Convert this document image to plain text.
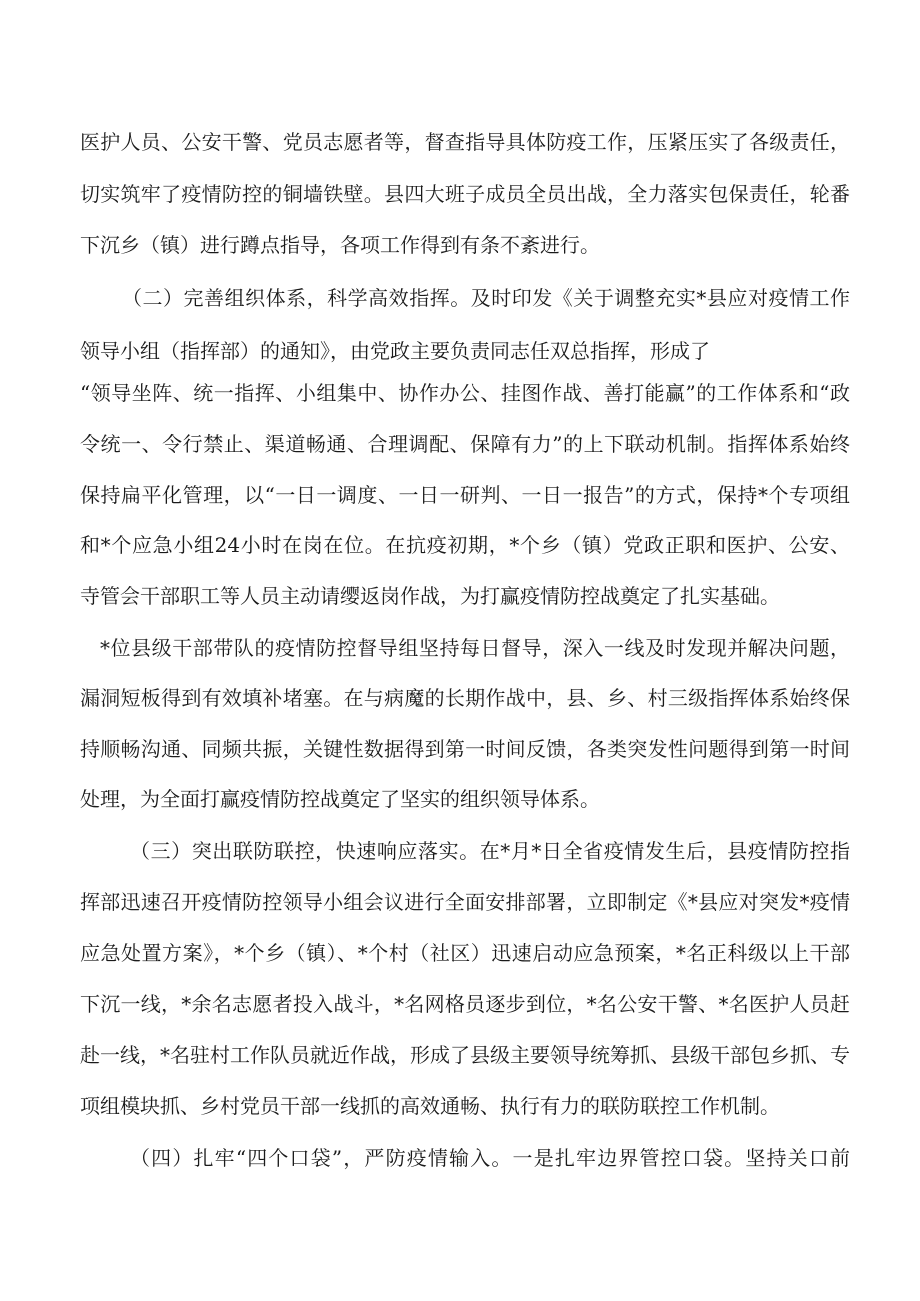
医护人员、公安干警、党员志愿者等，督查指导具体防疫工作，压紧压实了各级责任，
切实筑牢了疫情防控的铜墙铁壁。县四大班子成员全员出战，全力落实包保责任，轮番
下沉乡（镇）进行蹲点指导，各项工作得到有条不紊进行。
（二）完善组织体系，科学高效指挥。及时印发《关于调整充实*县应对疫情工作
领导小组（指挥部）的通知》，由党政主要负责同志任双总指挥，形成了
“领导坐阵、统一指挥、小组集中、协作办公、挂图作战、善打能赢”的工作体系和“政
令统一、令行禁止、渠道畅通、合理调配、保障有力”的上下联动机制。指挥体系始终
保持扁平化管理，以“一日一调度、一日一研判、一日一报告”的方式，保持*个专项组
和*个应急小组24小时在岗在位。在抗疫初期，*个乡（镇）党政正职和医护、公安、
寺管会干部职工等人员主动请缨返岗作战，为打赢疫情防控战奠定了扎实基础。
*位县级干部带队的疫情防控督导组坚持每日督导，深入一线及时发现并解决问题，
漏洞短板得到有效填补堵塞。在与病魔的长期作战中，县、乡、村三级指挥体系始终保
持顺畅沟通、同频共振，关键性数据得到第一时间反馈，各类突发性问题得到第一时间
处理，为全面打赢疫情防控战奠定了坚实的组织领导体系。
（三）突出联防联控，快速响应落实。在*月*日全省疫情发生后，县疫情防控指
挥部迅速召开疫情防控领导小组会议进行全面安排部署，立即制定《*县应对突发*疫情
应急处置方案》，*个乡（镇）、*个村（社区）迅速启动应急预案，*名正科级以上干部
下沉一线，*余名志愿者投入战斗，*名网格员逐步到位，*名公安干警、*名医护人员赶
赴一线，*名驻村工作队员就近作战，形成了县级主要领导统筹抓、县级干部包乡抓、专
项组模块抓、乡村党员干部一线抓的高效通畅、执行有力的联防联控工作机制。
（四）扎牢“四个口袋”，严防疫情输入。一是扎牢边界管控口袋。坚持关口前
